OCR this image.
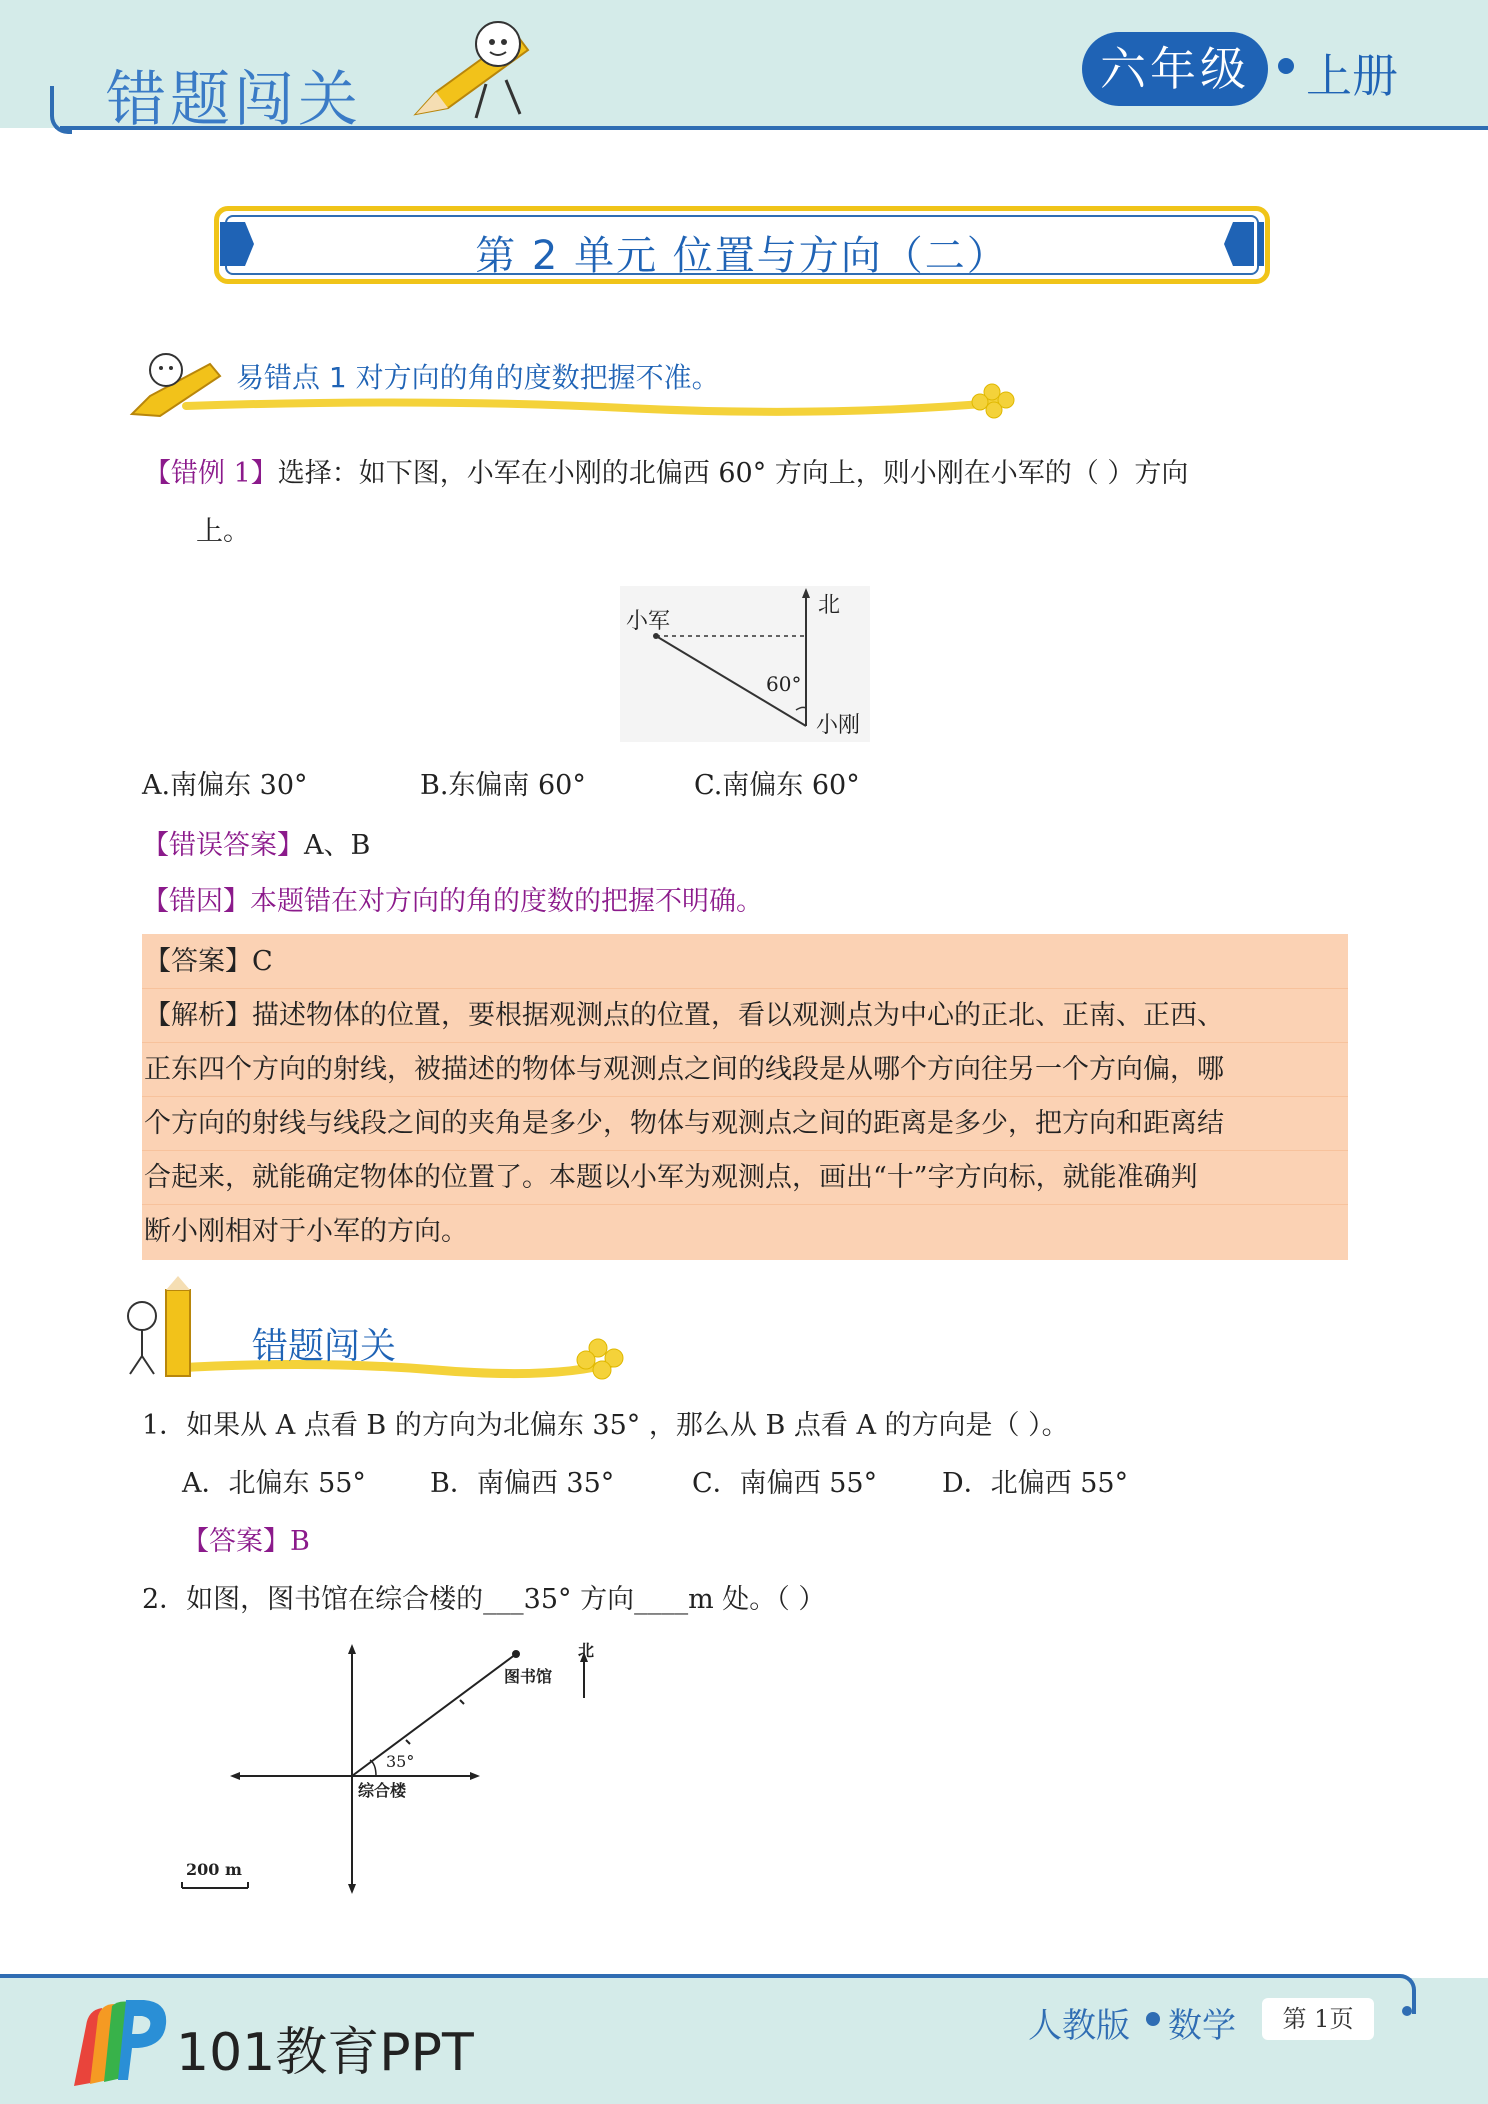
错题闯关	六年级	上册
第 2 单元 位置与方向（二）
易错点 1 对方向的角的度数把握不准。
【错例 1】选择：如下图，小军在小刚的北偏西 60° 方向上，则小刚在小军的（ ）方向
上。
北
小军
小刚
60°
A.南偏东 30°	B.东偏南 60°	C.南偏东 60°
【错误答案】A、B
【错因】本题错在对方向的角的度数的把握不明确。
【答案】C
【解析】描述物体的位置，要根据观测点的位置，看以观测点为中心的正北、正南、正西、
正东四个方向的射线，被描述的物体与观测点之间的线段是从哪个方向往另一个方向偏，哪
个方向的射线与线段之间的夹角是多少，物体与观测点之间的距离是多少，把方向和距离结
合起来，就能确定物体的位置了。本题以小军为观测点，画出“十”字方向标，就能准确判
断小刚相对于小军的方向。
错题闯关
1．如果从 A 点看 B 的方向为北偏东 35° ，那么从 B 点看 A 的方向是（ ）。
A．北偏东 55° B．南偏西 35°	C．南偏西 55° D．北偏西 55°
【答案】B
2．如图，图书馆在综合楼的___35° 方向____m 处。（ ）
北
图书馆
综合楼
35°
200 m
101教育PPT	人教版 数学	第 1页
